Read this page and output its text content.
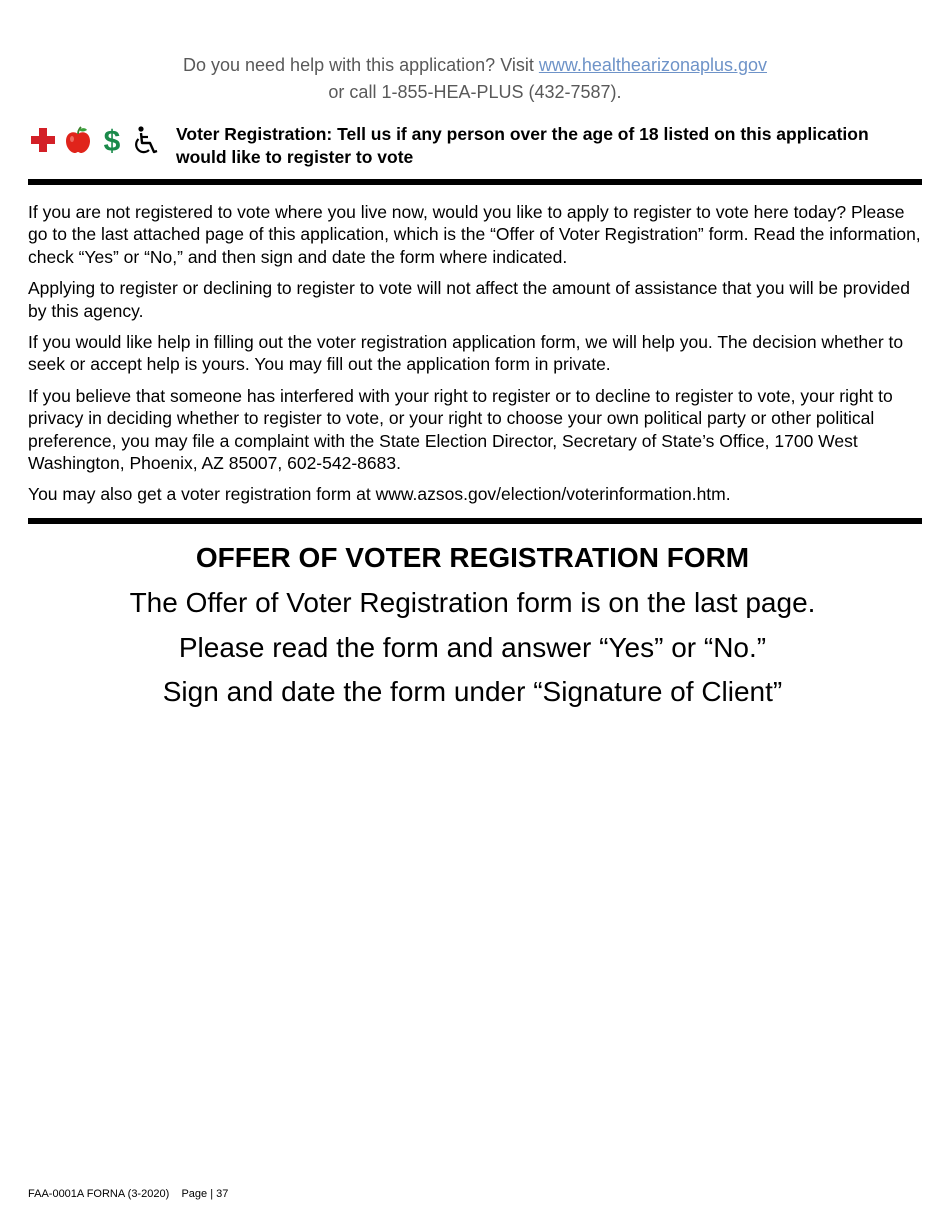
Do you need help with this application? Visit www.healthearizonaplus.gov
or call 1-855-HEA-PLUS (432-7587).
$	Voter Registration: Tell us if any person over the age of 18 listed on this application would like to register to vote

If you are not registered to vote where you live now, would you like to apply to register to vote here today? Please go to the last attached page of this application, which is the “Offer of Voter Registration” form. Read the information, check “Yes” or “No,” and then sign and date the form where indicated.

Applying to register or declining to register to vote will not affect the amount of assistance that you will be provided by this agency.

If you would like help in filling out the voter registration application form, we will help you. The decision whether to seek or accept help is yours. You may fill out the application form in private.

If you believe that someone has interfered with your right to register or to decline to register to vote, your right to privacy in deciding whether to register to vote, or your right to choose your own political party or other political preference, you may file a complaint with the State Election Director, Secretary of State’s Office, 1700 West Washington, Phoenix, AZ 85007, 602-542-8683.

You may also get a voter registration form at www.azsos.gov/election/voterinformation.htm.

OFFER OF VOTER REGISTRATION FORM
The Offer of Voter Registration form is on the last page.
Please read the form and answer “Yes” or “No.”
Sign and date the form under “Signature of Client”
FAA-0001A FORNA (3-2020)    Page | 37
